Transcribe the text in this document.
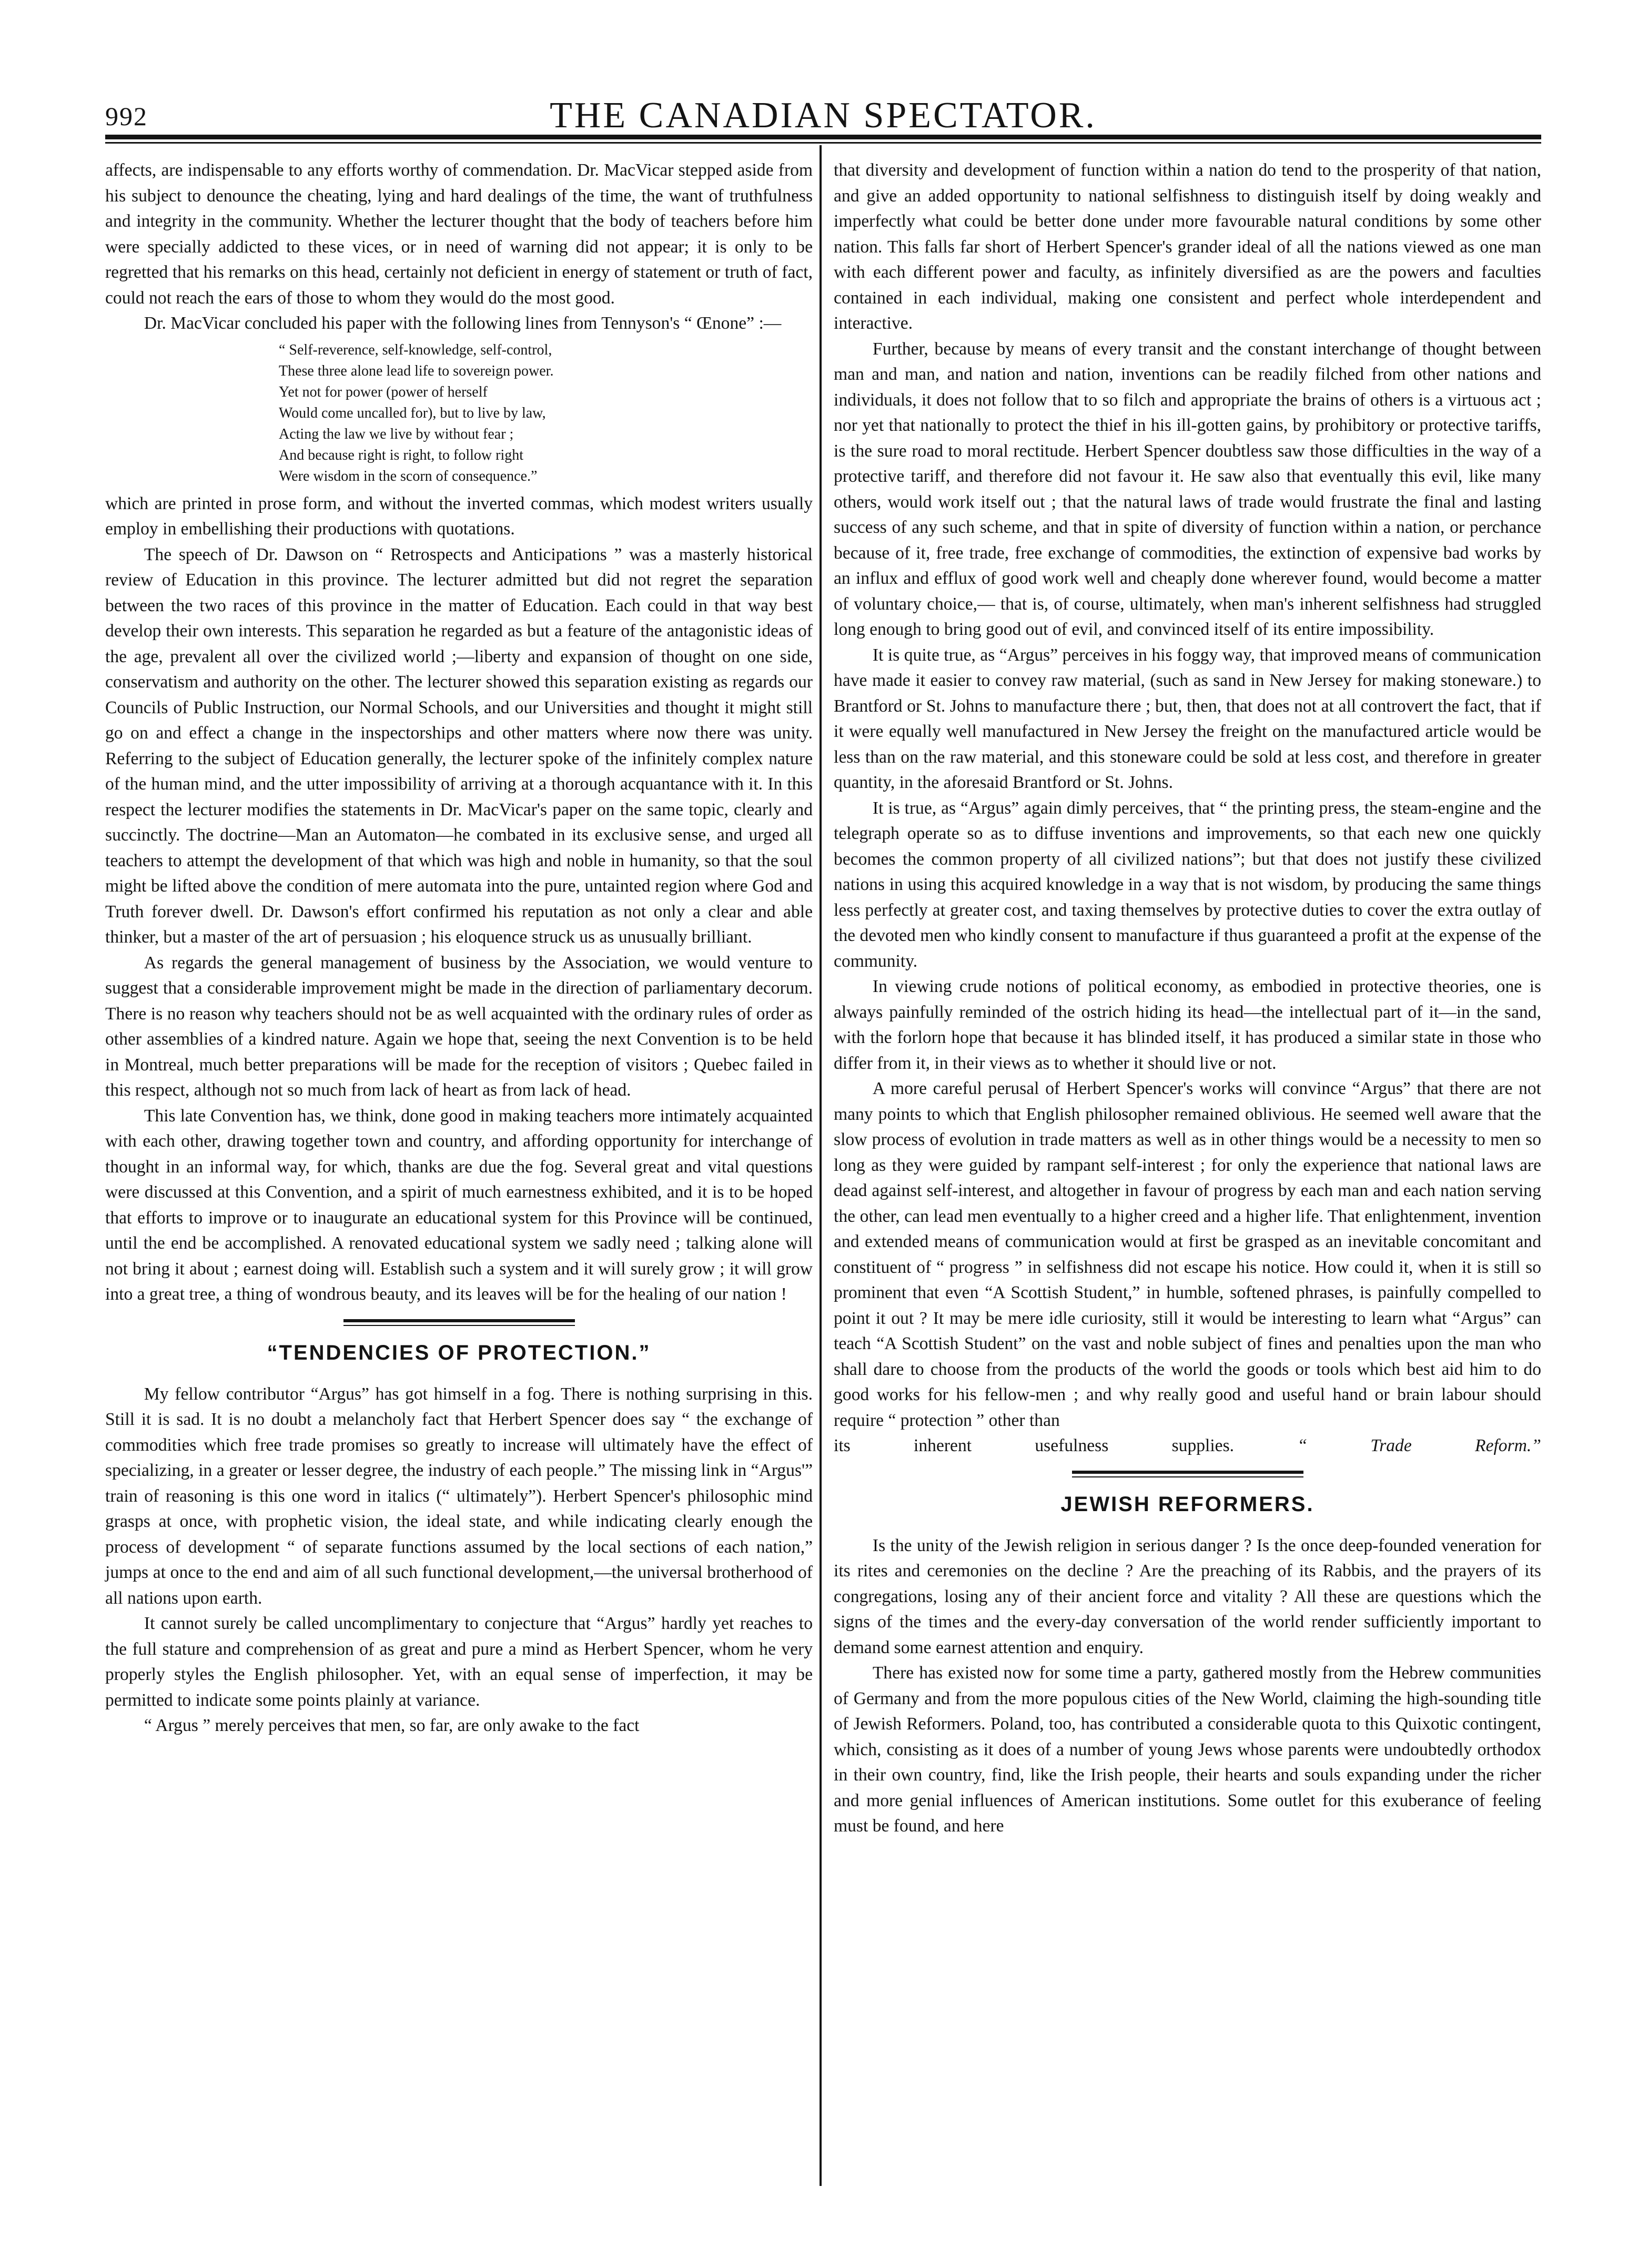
992	THE CANADIAN SPECTATOR.

affects, are indispensable to any efforts worthy of commendation. Dr. MacVicar stepped aside from his subject to denounce the cheating, lying and hard dealings of the time, the want of truthfulness and integrity in the community. Whether the lecturer thought that the body of teachers before him were specially addicted to these vices, or in need of warning did not appear; it is only to be regretted that his remarks on this head, certainly not deficient in energy of statement or truth of fact, could not reach the ears of those to whom they would do the most good.

Dr. MacVicar concluded his paper with the following lines from Tennyson's “ Œnone” :—

“ Self-reverence, self-knowledge, self-control,
These three alone lead life to sovereign power.
Yet not for power (power of herself
Would come uncalled for), but to live by law,
Acting the law we live by without fear ;
And because right is right, to follow right
Were wisdom in the scorn of consequence.”

which are printed in prose form, and without the inverted commas, which modest writers usually employ in embellishing their productions with quotations.

The speech of Dr. Dawson on “ Retrospects and Anticipations ” was a masterly historical review of Education in this province. The lecturer admitted but did not regret the separation between the two races of this province in the matter of Education. Each could in that way best develop their own interests. This separation he regarded as but a feature of the antagonistic ideas of the age, prevalent all over the civilized world ;—liberty and expansion of thought on one side, conservatism and authority on the other. The lecturer showed this separation existing as regards our Councils of Public Instruction, our Normal Schools, and our Universities and thought it might still go on and effect a change in the inspectorships and other matters where now there was unity. Referring to the subject of Education generally, the lecturer spoke of the infinitely complex nature of the human mind, and the utter impossibility of arriving at a thorough acquantance with it. In this respect the lecturer modifies the statements in Dr. MacVicar's paper on the same topic, clearly and succinctly. The doctrine—Man an Automaton—he combated in its exclusive sense, and urged all teachers to attempt the development of that which was high and noble in humanity, so that the soul might be lifted above the condition of mere automata into the pure, untainted region where God and Truth forever dwell. Dr. Dawson's effort confirmed his reputation as not only a clear and able thinker, but a master of the art of persuasion ; his eloquence struck us as unusually brilliant.

As regards the general management of business by the Association, we would venture to suggest that a considerable improvement might be made in the direction of parliamentary decorum. There is no reason why teachers should not be as well acquainted with the ordinary rules of order as other assemblies of a kindred nature. Again we hope that, seeing the next Convention is to be held in Montreal, much better preparations will be made for the reception of visitors ; Quebec failed in this respect, although not so much from lack of heart as from lack of head.

This late Convention has, we think, done good in making teachers more intimately acquainted with each other, drawing together town and country, and affording opportunity for interchange of thought in an informal way, for which, thanks are due the fog. Several great and vital questions were discussed at this Convention, and a spirit of much earnestness exhibited, and it is to be hoped that efforts to improve or to inaugurate an educational system for this Province will be continued, until the end be accomplished. A renovated educational system we sadly need ; talking alone will not bring it about ; earnest doing will. Establish such a system and it will surely grow ; it will grow into a great tree, a thing of wondrous beauty, and its leaves will be for the healing of our nation !

“TENDENCIES OF PROTECTION.”

My fellow contributor “Argus” has got himself in a fog. There is nothing surprising in this. Still it is sad. It is no doubt a melancholy fact that Herbert Spencer does say “ the exchange of commodities which free trade promises so greatly to increase will ultimately have the effect of specializing, in a greater or lesser degree, the industry of each people.” The missing link in “Argus'” train of reasoning is this one word in italics (“ ultimately”). Herbert Spencer's philosophic mind grasps at once, with prophetic vision, the ideal state, and while indicating clearly enough the process of development “ of separate functions assumed by the local sections of each nation,” jumps at once to the end and aim of all such functional development,—the universal brotherhood of all nations upon earth.

It cannot surely be called uncomplimentary to conjecture that “Argus” hardly yet reaches to the full stature and comprehension of as great and pure a mind as Herbert Spencer, whom he very properly styles the English philosopher. Yet, with an equal sense of imperfection, it may be permitted to indicate some points plainly at variance.

“ Argus ” merely perceives that men, so far, are only awake to the fact

that diversity and development of function within a nation do tend to the prosperity of that nation, and give an added opportunity to national selfishness to distinguish itself by doing weakly and imperfectly what could be better done under more favourable natural conditions by some other nation. This falls far short of Herbert Spencer's grander ideal of all the nations viewed as one man with each different power and faculty, as infinitely diversified as are the powers and faculties contained in each individual, making one consistent and perfect whole interdependent and interactive.

Further, because by means of every transit and the constant interchange of thought between man and man, and nation and nation, inventions can be readily filched from other nations and individuals, it does not follow that to so filch and appropriate the brains of others is a virtuous act ; nor yet that nationally to protect the thief in his ill-gotten gains, by prohibitory or protective tariffs, is the sure road to moral rectitude. Herbert Spencer doubtless saw those difficulties in the way of a protective tariff, and therefore did not favour it. He saw also that eventually this evil, like many others, would work itself out ; that the natural laws of trade would frustrate the final and lasting success of any such scheme, and that in spite of diversity of function within a nation, or perchance because of it, free trade, free exchange of commodities, the extinction of expensive bad works by an influx and efflux of good work well and cheaply done wherever found, would become a matter of voluntary choice,— that is, of course, ultimately, when man's inherent selfishness had struggled long enough to bring good out of evil, and convinced itself of its entire impossibility.

It is quite true, as “Argus” perceives in his foggy way, that improved means of communication have made it easier to convey raw material, (such as sand in New Jersey for making stoneware.) to Brantford or St. Johns to manufacture there ; but, then, that does not at all controvert the fact, that if it were equally well manufactured in New Jersey the freight on the manufactured article would be less than on the raw material, and this stoneware could be sold at less cost, and therefore in greater quantity, in the aforesaid Brantford or St. Johns.

It is true, as “Argus” again dimly perceives, that “ the printing press, the steam-engine and the telegraph operate so as to diffuse inventions and improvements, so that each new one quickly becomes the common property of all civilized nations”; but that does not justify these civilized nations in using this acquired knowledge in a way that is not wisdom, by producing the same things less perfectly at greater cost, and taxing themselves by protective duties to cover the extra outlay of the devoted men who kindly consent to manufacture if thus guaranteed a profit at the expense of the community.

In viewing crude notions of political economy, as embodied in protective theories, one is always painfully reminded of the ostrich hiding its head—the intellectual part of it—in the sand, with the forlorn hope that because it has blinded itself, it has produced a similar state in those who differ from it, in their views as to whether it should live or not.

A more careful perusal of Herbert Spencer's works will convince “Argus” that there are not many points to which that English philosopher remained oblivious. He seemed well aware that the slow process of evolution in trade matters as well as in other things would be a necessity to men so long as they were guided by rampant self-interest ; for only the experience that national laws are dead against self-interest, and altogether in favour of progress by each man and each nation serving the other, can lead men eventually to a higher creed and a higher life. That enlightenment, invention and extended means of communication would at first be grasped as an inevitable concomitant and constituent of “ progress ” in selfishness did not escape his notice. How could it, when it is still so prominent that even “A Scottish Student,” in humble, softened phrases, is painfully compelled to point it out ? It may be mere idle curiosity, still it would be interesting to learn what “Argus” can teach “A Scottish Student” on the vast and noble subject of fines and penalties upon the man who shall dare to choose from the products of the world the goods or tools which best aid him to do good works for his fellow-men ; and why really good and useful hand or brain labour should require “ protection ” other than

its inherent usefulness supplies.	“ Trade Reform.”
JEWISH REFORMERS.

Is the unity of the Jewish religion in serious danger ? Is the once deep-founded veneration for its rites and ceremonies on the decline ? Are the preaching of its Rabbis, and the prayers of its congregations, losing any of their ancient force and vitality ? All these are questions which the signs of the times and the every-day conversation of the world render sufficiently important to demand some earnest attention and enquiry.

There has existed now for some time a party, gathered mostly from the Hebrew communities of Germany and from the more populous cities of the New World, claiming the high-sounding title of Jewish Reformers. Poland, too, has contributed a considerable quota to this Quixotic contingent, which, consisting as it does of a number of young Jews whose parents were undoubtedly orthodox in their own country, find, like the Irish people, their hearts and souls expanding under the richer and more genial influences of American institutions. Some outlet for this exuberance of feeling must be found, and here
